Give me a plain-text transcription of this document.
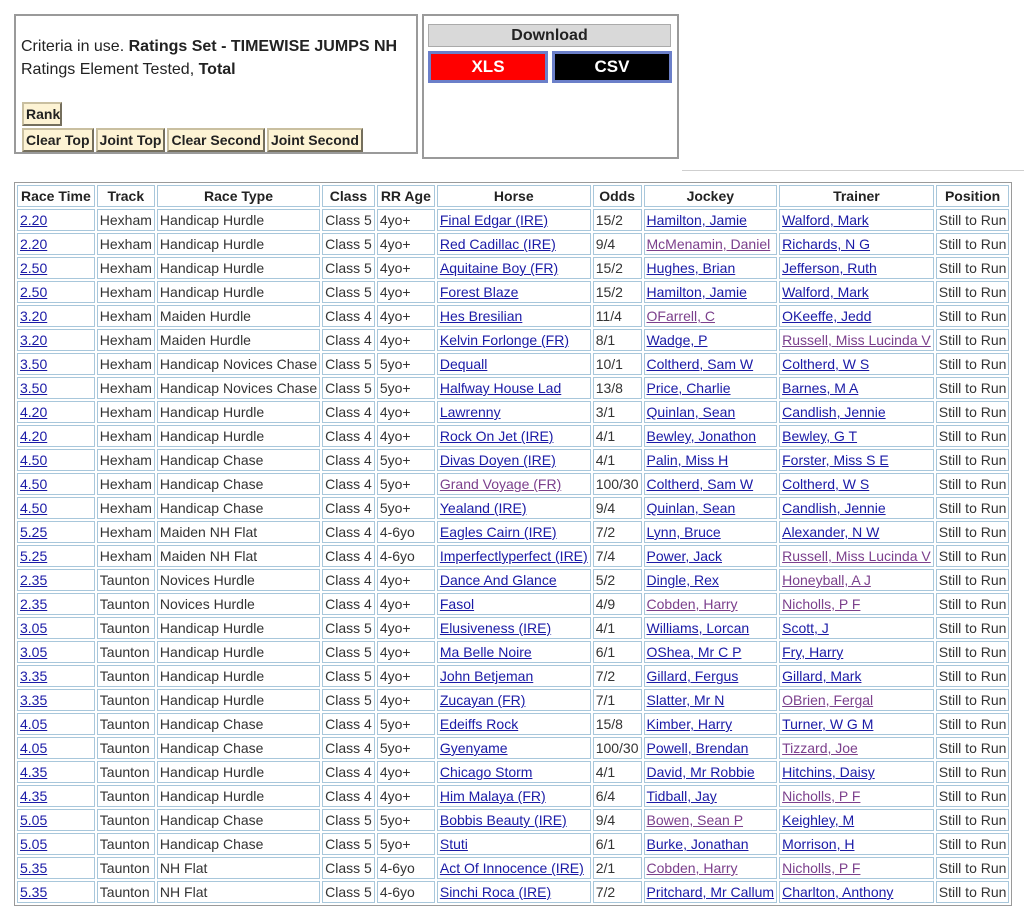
Criteria in use. Ratings Set - TIMEWISE JUMPS NH
Ratings Element Tested, Total
Rank
Clear Top Joint Top Clear Second Joint Second
Download
XLS	CSV
Race Time	Track	Race Type	Class	RR Age	Horse	Odds	Jockey	Trainer	Position
2.20	Hexham	Handicap Hurdle	Class 5	4yo+	Final Edgar (IRE)	15/2	Hamilton, Jamie	Walford, Mark	Still to Run
2.20	Hexham	Handicap Hurdle	Class 5	4yo+	Red Cadillac (IRE)	9/4	McMenamin, Daniel	Richards, N G	Still to Run
2.50	Hexham	Handicap Hurdle	Class 5	4yo+	Aquitaine Boy (FR)	15/2	Hughes, Brian	Jefferson, Ruth	Still to Run
2.50	Hexham	Handicap Hurdle	Class 5	4yo+	Forest Blaze	15/2	Hamilton, Jamie	Walford, Mark	Still to Run
3.20	Hexham	Maiden Hurdle	Class 4	4yo+	Hes Bresilian	11/4	OFarrell, C	OKeeffe, Jedd	Still to Run
3.20	Hexham	Maiden Hurdle	Class 4	4yo+	Kelvin Forlonge (FR)	8/1	Wadge, P	Russell, Miss Lucinda V	Still to Run
3.50	Hexham	Handicap Novices Chase	Class 5	5yo+	Dequall	10/1	Coltherd, Sam W	Coltherd, W S	Still to Run
3.50	Hexham	Handicap Novices Chase	Class 5	5yo+	Halfway House Lad	13/8	Price, Charlie	Barnes, M A	Still to Run
4.20	Hexham	Handicap Hurdle	Class 4	4yo+	Lawrenny	3/1	Quinlan, Sean	Candlish, Jennie	Still to Run
4.20	Hexham	Handicap Hurdle	Class 4	4yo+	Rock On Jet (IRE)	4/1	Bewley, Jonathon	Bewley, G T	Still to Run
4.50	Hexham	Handicap Chase	Class 4	5yo+	Divas Doyen (IRE)	4/1	Palin, Miss H	Forster, Miss S E	Still to Run
4.50	Hexham	Handicap Chase	Class 4	5yo+	Grand Voyage (FR)	100/30	Coltherd, Sam W	Coltherd, W S	Still to Run
4.50	Hexham	Handicap Chase	Class 4	5yo+	Yealand (IRE)	9/4	Quinlan, Sean	Candlish, Jennie	Still to Run
5.25	Hexham	Maiden NH Flat	Class 4	4-6yo	Eagles Cairn (IRE)	7/2	Lynn, Bruce	Alexander, N W	Still to Run
5.25	Hexham	Maiden NH Flat	Class 4	4-6yo	Imperfectlyperfect (IRE)	7/4	Power, Jack	Russell, Miss Lucinda V	Still to Run
2.35	Taunton	Novices Hurdle	Class 4	4yo+	Dance And Glance	5/2	Dingle, Rex	Honeyball, A J	Still to Run
2.35	Taunton	Novices Hurdle	Class 4	4yo+	Fasol	4/9	Cobden, Harry	Nicholls, P F	Still to Run
3.05	Taunton	Handicap Hurdle	Class 5	4yo+	Elusiveness (IRE)	4/1	Williams, Lorcan	Scott, J	Still to Run
3.05	Taunton	Handicap Hurdle	Class 5	4yo+	Ma Belle Noire	6/1	OShea, Mr C P	Fry, Harry	Still to Run
3.35	Taunton	Handicap Hurdle	Class 5	4yo+	John Betjeman	7/2	Gillard, Fergus	Gillard, Mark	Still to Run
3.35	Taunton	Handicap Hurdle	Class 5	4yo+	Zucayan (FR)	7/1	Slatter, Mr N	OBrien, Fergal	Still to Run
4.05	Taunton	Handicap Chase	Class 4	5yo+	Edeiffs Rock	15/8	Kimber, Harry	Turner, W G M	Still to Run
4.05	Taunton	Handicap Chase	Class 4	5yo+	Gyenyame	100/30	Powell, Brendan	Tizzard, Joe	Still to Run
4.35	Taunton	Handicap Hurdle	Class 4	4yo+	Chicago Storm	4/1	David, Mr Robbie	Hitchins, Daisy	Still to Run
4.35	Taunton	Handicap Hurdle	Class 4	4yo+	Him Malaya (FR)	6/4	Tidball, Jay	Nicholls, P F	Still to Run
5.05	Taunton	Handicap Chase	Class 5	5yo+	Bobbis Beauty (IRE)	9/4	Bowen, Sean P	Keighley, M	Still to Run
5.05	Taunton	Handicap Chase	Class 5	5yo+	Stuti	6/1	Burke, Jonathan	Morrison, H	Still to Run
5.35	Taunton	NH Flat	Class 5	4-6yo	Act Of Innocence (IRE)	2/1	Cobden, Harry	Nicholls, P F	Still to Run
5.35	Taunton	NH Flat	Class 5	4-6yo	Sinchi Roca (IRE)	7/2	Pritchard, Mr Callum	Charlton, Anthony	Still to Run
